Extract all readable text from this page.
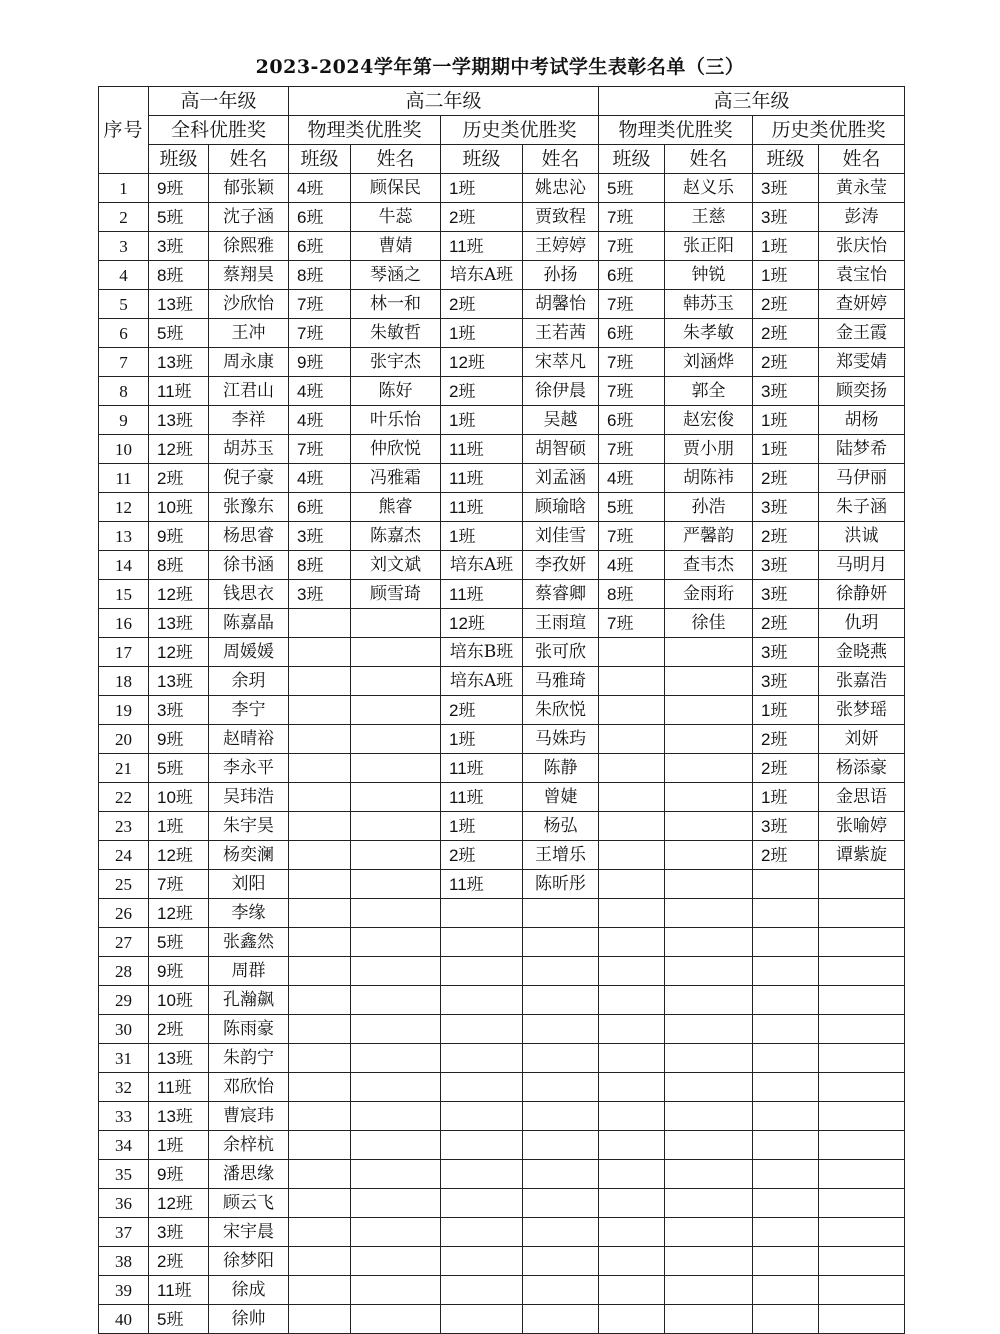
2023-2024学年第一学期期中考试学生表彰名单（三）
序号	高一年级		高二年级				高三年级			
	全科优胜奖		物理类优胜奖		历史类优胜奖		物理类优胜奖		历史类优胜奖	
	班级	姓名	班级	姓名	班级	姓名	班级	姓名	班级	姓名
1	9班	郁张颖	4班	顾保民	1班	姚忠沁	5班	赵义乐	3班	黄永莹
2	5班	沈子涵	6班	牛蕊	2班	贾致程	7班	王慈	3班	彭涛
3	3班	徐熙雅	6班	曹婧	11班	王婷婷	7班	张正阳	1班	张庆怡
4	8班	蔡翔昊	8班	琴涵之	培东A班	孙扬	6班	钟锐	1班	袁宝怡
5	13班	沙欣怡	7班	林一和	2班	胡馨怡	7班	韩苏玉	2班	查妍婷
6	5班	王冲	7班	朱敏哲	1班	王若茜	6班	朱孝敏	2班	金王霞
7	13班	周永康	9班	张宇杰	12班	宋萃凡	7班	刘涵烨	2班	郑雯婧
8	11班	江君山	4班	陈好	2班	徐伊晨	7班	郭全	3班	顾奕扬
9	13班	李祥	4班	叶乐怡	1班	吴越	6班	赵宏俊	1班	胡杨
10	12班	胡苏玉	7班	仲欣悦	11班	胡智硕	7班	贾小朋	1班	陆梦希
11	2班	倪子豪	4班	冯雅霜	11班	刘孟涵	4班	胡陈袆	2班	马伊丽
12	10班	张豫东	6班	熊睿	11班	顾瑜晗	5班	孙浩	3班	朱子涵
13	9班	杨思睿	3班	陈嘉杰	1班	刘佳雪	7班	严馨韵	2班	洪诚
14	8班	徐书涵	8班	刘文斌	培东A班	李孜妍	4班	查韦杰	3班	马明月
15	12班	钱思衣	3班	顾雪琦	11班	蔡睿卿	8班	金雨珩	3班	徐静妍
16	13班	陈嘉晶			12班	王雨瑄	7班	徐佳	2班	仇玥
17	12班	周媛媛			培东B班	张可欣			3班	金晓燕
18	13班	余玥			培东A班	马雅琦			3班	张嘉浩
19	3班	李宁			2班	朱欣悦			1班	张梦瑶
20	9班	赵晴裕			1班	马姝玙			2班	刘妍
21	5班	李永平			11班	陈静			2班	杨添豪
22	10班	吴玮浩			11班	曾婕			1班	金思语
23	1班	朱宇昊			1班	杨弘			3班	张喻婷
24	12班	杨奕澜			2班	王增乐			2班	谭紫旋
25	7班	刘阳			11班	陈昕彤				
26	12班	李缘								
27	5班	张鑫然								
28	9班	周群								
29	10班	孔瀚飙								
30	2班	陈雨豪								
31	13班	朱韵宁								
32	11班	邓欣怡								
33	13班	曹宸玮								
34	1班	余梓杭								
35	9班	潘思缘								
36	12班	顾云飞								
37	3班	宋宇晨								
38	2班	徐梦阳								
39	11班	徐成								
40	5班	徐帅								
